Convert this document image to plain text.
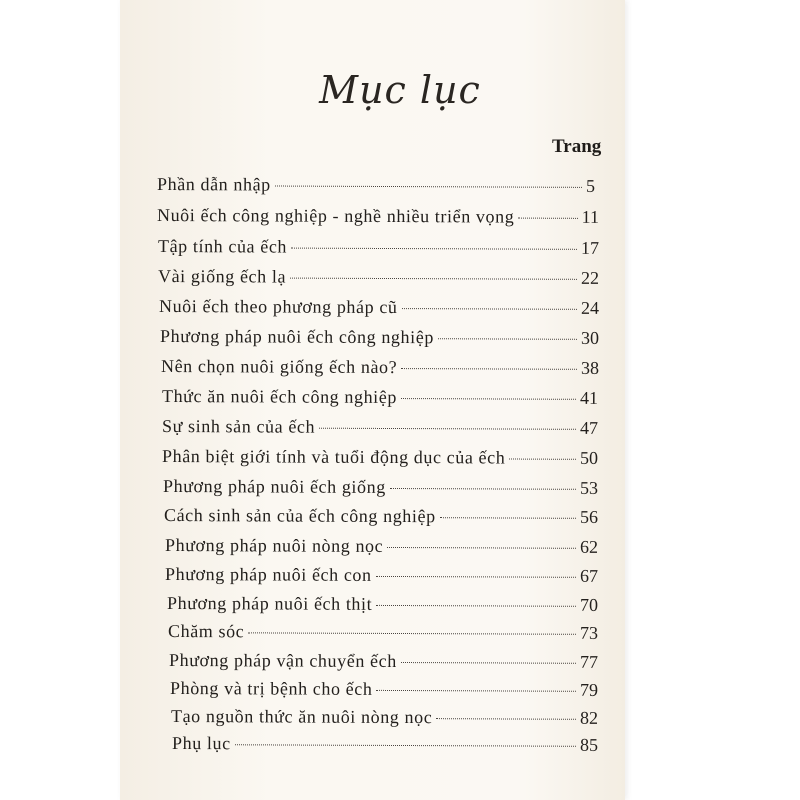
Mục lục
Trang
Phần dẫn nhập	5
Nuôi ếch công nghiệp - nghề nhiều triển vọng	11
Tập tính của ếch	17
Vài giống ếch lạ	22
Nuôi ếch theo phương pháp cũ	24
Phương pháp nuôi ếch công nghiệp	30
Nên chọn nuôi giống ếch nào?	38
Thức ăn nuôi ếch công nghiệp	41
Sự sinh sản của ếch	47
Phân biệt giới tính và tuổi động dục của ếch	50
Phương pháp nuôi ếch giống	53
Cách sinh sản của ếch công nghiệp	56
Phương pháp nuôi nòng nọc	62
Phương pháp nuôi ếch con	67
Phương pháp nuôi ếch thịt	70
Chăm sóc	73
Phương pháp vận chuyển ếch	77
Phòng và trị bệnh cho ếch	79
Tạo nguồn thức ăn nuôi nòng nọc	82
Phụ lục	85
